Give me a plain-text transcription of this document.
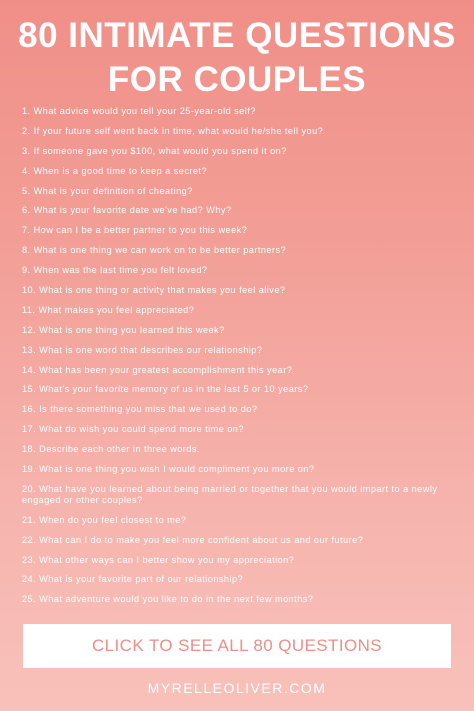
80 INTIMATE QUESTIONS
FOR COUPLES
1. What advice would you tell your 25-year-old self?
2. If your future self went back in time, what would he/she tell you?
3. If someone gave you $100, what would you spend it on?
4. When is a good time to keep a secret?
5. What is your definition of cheating?
6. What is your favorite date we've had? Why?
7. How can I be a better partner to you this week?
8. What is one thing we can work on to be better partners?
9. When was the last time you felt loved?
10. What is one thing or activity that makes you feel alive?
11. What makes you feel appreciated?
12. What is one thing you learned this week?
13. What is one word that describes our relationship?
14. What has been your greatest accomplishment this year?
15. What's your favorite memory of us in the last 5 or 10 years?
16. Is there something you miss that we used to do?
17. What do wish you could spend more time on?
18. Describe each other in three words.
19. What is one thing you wish I would compliment you more on?
20. What have you learned about being married or together that you would impart to a newly engaged or other couples?
21. When do you feel closest to me?
22. What can I do to make you feel more confident about us and our future?
23. What other ways can I better show you my appreciation?
24. What is your favorite part of our relationship?
25. What adventure would you like to do in the next few months?
CLICK TO SEE ALL 80 QUESTIONS
MYRELLEOLIVER.COM
